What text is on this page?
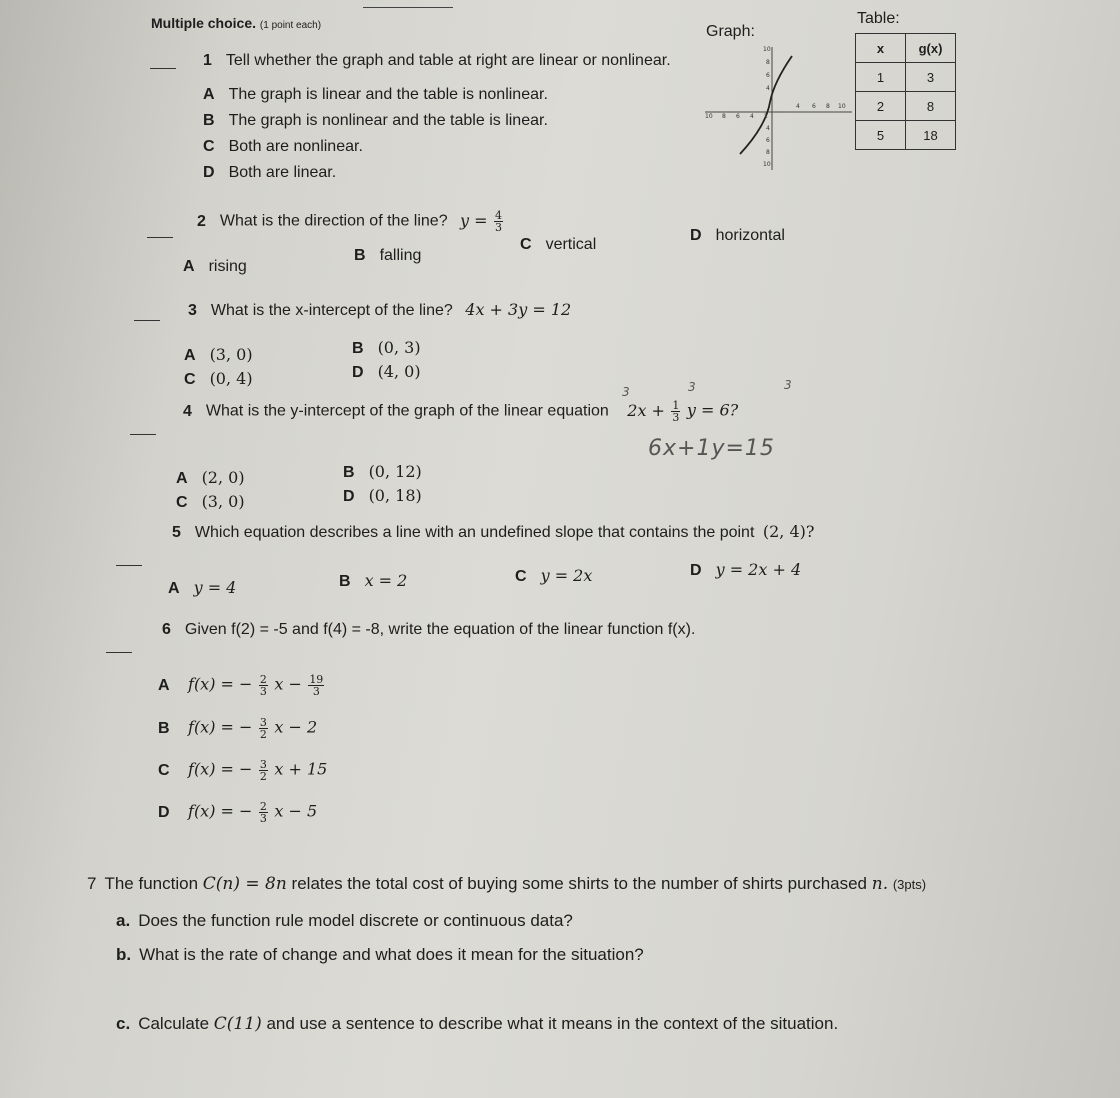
Multiple choice. (1 point each)	Graph:
Table:
10 8 6 4 2
4 6 8 10
10
8
6
4
4
6
8
10
x	g(x)
1	3
2	8
5	18
1 Tell whether the graph and table at right are linear or nonlinear.
A The graph is linear and the table is nonlinear.
B The graph is nonlinear and the table is linear.
C Both are nonlinear.
D Both are linear.
2 What is the direction of the line? $y = \frac{4}{3}$
A rising
B falling
C vertical
D horizontal
3 What is the x-intercept of the line? 4x + 3y = 12
A (3, 0)	B (0, 3)
C (0, 4)	D (4, 0)
4 What is the y-intercept of the graph of the linear equation $2x + \frac{1}{3}$ y = 6?
3	3	3
6x+1y=15
A (2, 0)	B (0, 12)
C (3, 0)	D (0, 18)
5 Which equation describes a line with an undefined slope that contains the point (2, 4)?
A y = 4	B x = 2	C y = 2x	D y = 2x + 4
6 Given f(2) = -5 and f(4) = -8, write the equation of the linear function f(x).
A f(x) = − $\frac{2}{3}$ $x - \frac{19}{3}$
B f(x) = − $\frac{3}{2}$ x − 2
C f(x) = − $\frac{3}{2}$ x + 15
D f(x) = − $\frac{2}{3}$ x − 5
7 The function C(n) = 8n relates the total cost of buying some shirts to the number of shirts purchased n. (3pts)
a. Does the function rule model discrete or continuous data?
b. What is the rate of change and what does it mean for the situation?
c. Calculate C(11) and use a sentence to describe what it means in the context of the situation.
